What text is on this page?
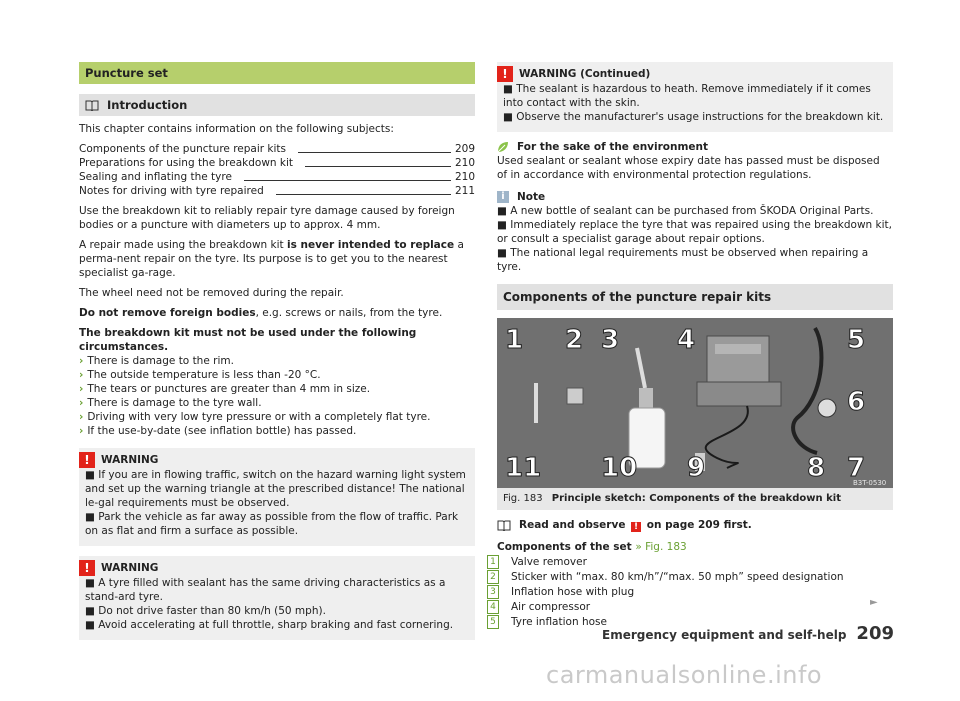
Puncture set
Introduction

This chapter contains information on the following subjects:

Components of the puncture repair kits	209
Preparations for using the breakdown kit	210
Sealing and inflating the tyre	210
Notes for driving with tyre repaired	211

Use the breakdown kit to reliably repair tyre damage caused by foreign bodies or a puncture with diameters up to approx. 4 mm.

A repair made using the breakdown kit is never intended to replace a perma-nent repair on the tyre. Its purpose is to get you to the nearest specialist ga-rage.

The wheel need not be removed during the repair.

Do not remove foreign bodies, e.g. screws or nails, from the tyre.

The breakdown kit must not be used under the following circumstances.
› There is damage to the rim.
› The outside temperature is less than -20 °C.
› The tears or punctures are greater than 4 mm in size.
› There is damage to the tyre wall.
› Driving with very low tyre pressure or with a completely flat tyre.
› If the use-by-date (see inflation bottle) has passed.
!	WARNING
■ If you are in flowing traffic, switch on the hazard warning light system and set up the warning triangle at the prescribed distance! The national le-gal requirements must be observed.
■ Park the vehicle as far away as possible from the flow of traffic. Park on as flat and firm a surface as possible.
!	WARNING
■ A tyre filled with sealant has the same driving characteristics as a stand-ard tyre.
■ Do not drive faster than 80 km/h (50 mph).
■ Avoid accelerating at full throttle, sharp braking and fast cornering.
!	WARNING (Continued)
■ The sealant is hazardous to heath. Remove immediately if it comes into contact with the skin.
■ Observe the manufacturer's usage instructions for the breakdown kit.
For the sake of the environment

Used sealant or sealant whose expiry date has passed must be disposed of in accordance with environmental protection regulations.

i	Note
■ A new bottle of sealant can be purchased from ŠKODA Original Parts.
■ Immediately replace the tyre that was repaired using the breakdown kit, or consult a specialist garage about repair options.
■ The national legal requirements must be observed when repairing a tyre.
Components of the puncture repair kits
1 2 3 4	5
6
7
8
9
10
11	B3T-0530
Fig. 183 Principle sketch: Components of the breakdown kit
Read and observe ! on page 209 first.
Components of the set » Fig. 183
1 Valve remover
2 Sticker with “max. 80 km/h”/“max. 50 mph” speed designation
3 Inflation hose with plug
4 Air compressor
5 Tyre inflation hose
►
Emergency equipment and self-help 209
carmanualsonline.info
